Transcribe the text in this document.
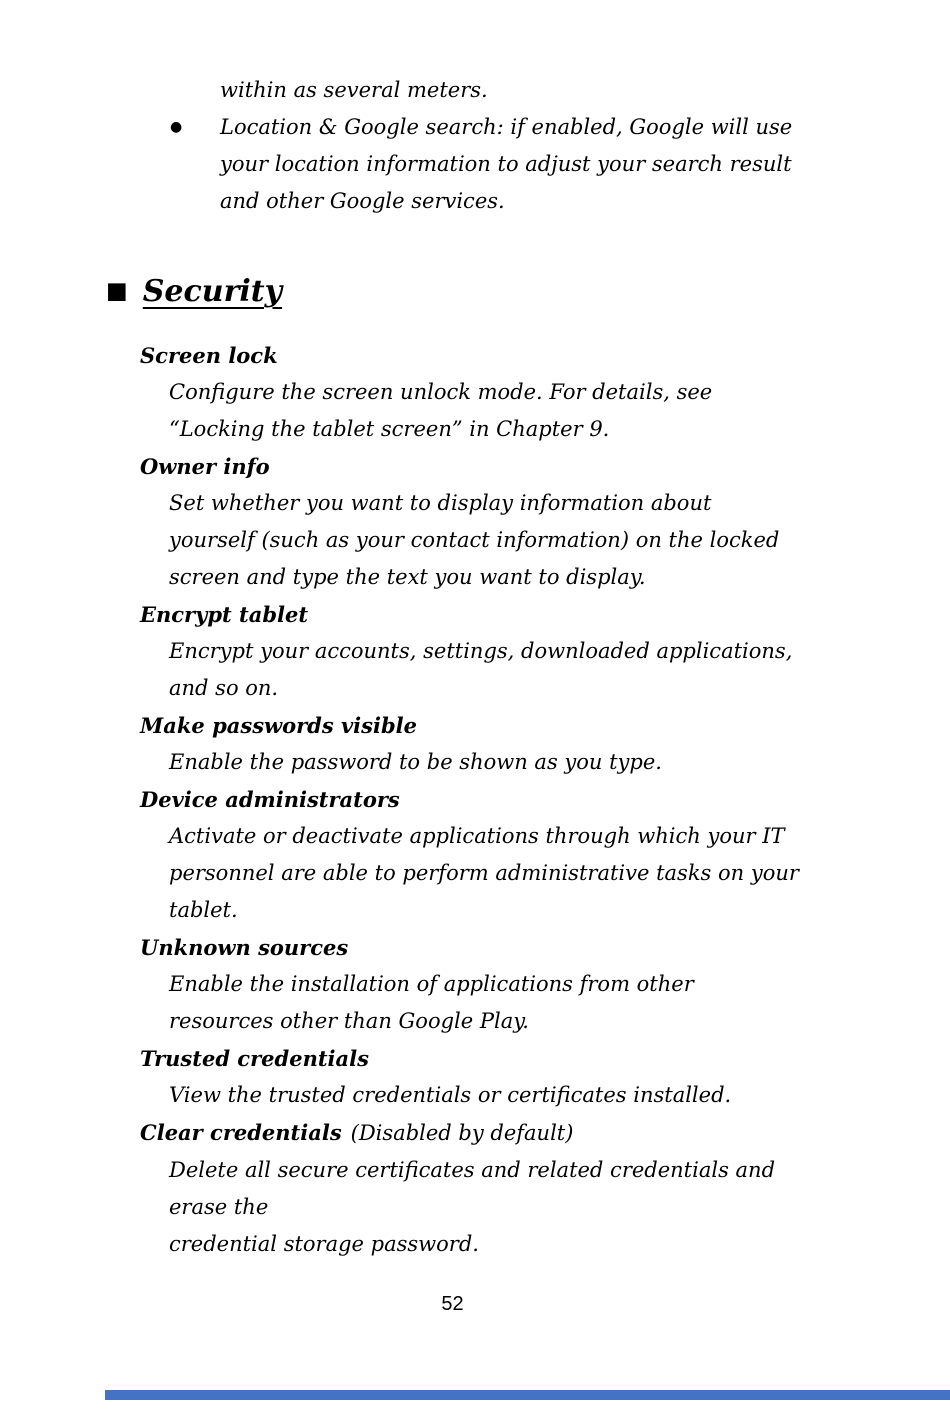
within as several meters.
● Location & Google search: if enabled, Google will use
your location information to adjust your search result
and other Google services.
■ Security
Screen lock
Configure the screen unlock mode. For details, see
“Locking the tablet screen” in Chapter 9.
Owner info
Set whether you want to display information about
yourself (such as your contact information) on the locked
screen and type the text you want to display.
Encrypt tablet
Encrypt your accounts, settings, downloaded applications,
and so on.
Make passwords visible
Enable the password to be shown as you type.
Device administrators
Activate or deactivate applications through which your IT
personnel are able to perform administrative tasks on your
tablet.
Unknown sources
Enable the installation of applications from other
resources other than Google Play.
Trusted credentials
View the trusted credentials or certificates installed.
Clear credentials (Disabled by default)
Delete all secure certificates and related credentials and
erase the
credential storage password.
52
